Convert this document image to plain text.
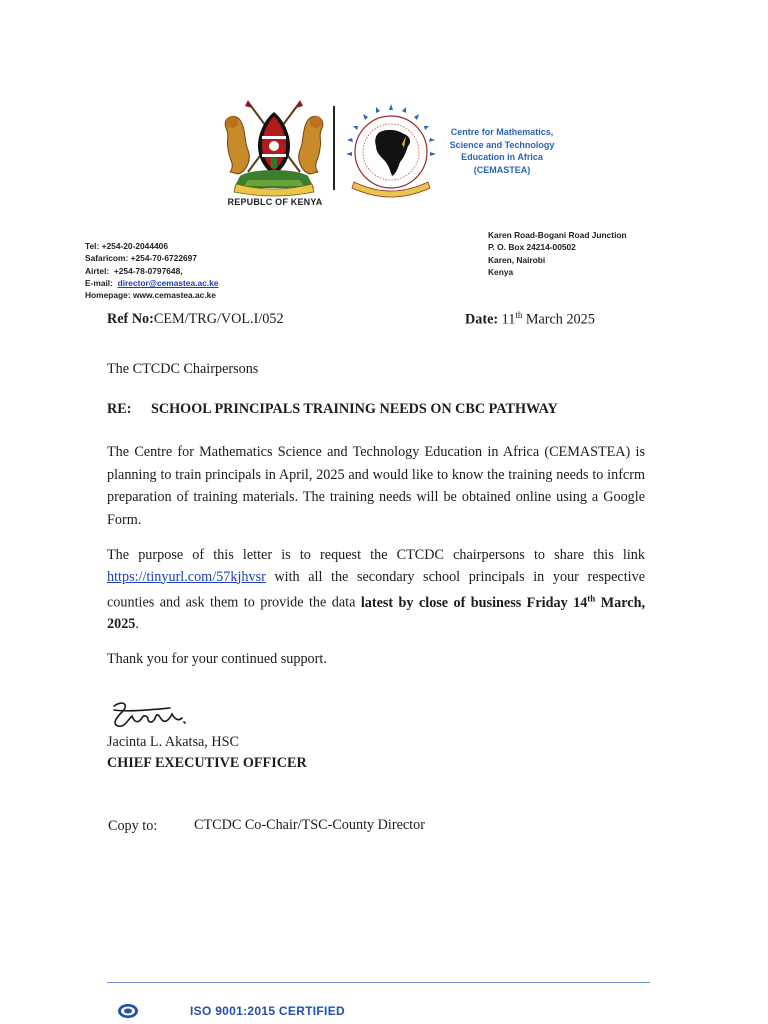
REPUBLC OF KENYA
Centre for Mathematics,
Science and Technology
Education in Africa
(CEMASTEA)
Tel: +254-20-2044406
Safaricom: +254-70-6722697
Airtel: +254-78-0797648,
E-mail: director@cemastea.ac.ke
Homepage: www.cemastea.ac.ke
Karen Road-Bogani Road Junction
P. O. Box 24214-00502
Karen, Nairobi
Kenya
Ref No:CEM/TRG/VOL.I/052	Date: 11th March 2025
The CTCDC Chairpersons
RE: SCHOOL PRINCIPALS TRAINING NEEDS ON CBC PATHWAY
The Centre for Mathematics Science and Technology Education in Africa (CEMASTEA) is planning to train principals in April, 2025 and would like to know the training needs to infcrm preparation of training materials. The training needs will be obtained online using a Google Form.
The purpose of this letter is to request the CTCDC chairpersons to share this link https://tinyurl.com/57kjhvsr with all the secondary school principals in your respective counties and ask them to provide the data latest by close of business Friday 14th March, 2025.
Thank you for your continued support.
Jacinta L. Akatsa, HSC
CHIEF EXECUTIVE OFFICER
Copy to:	CTCDC Co-Chair/TSC-County Director
ISO 9001:2015 CERTIFIED
